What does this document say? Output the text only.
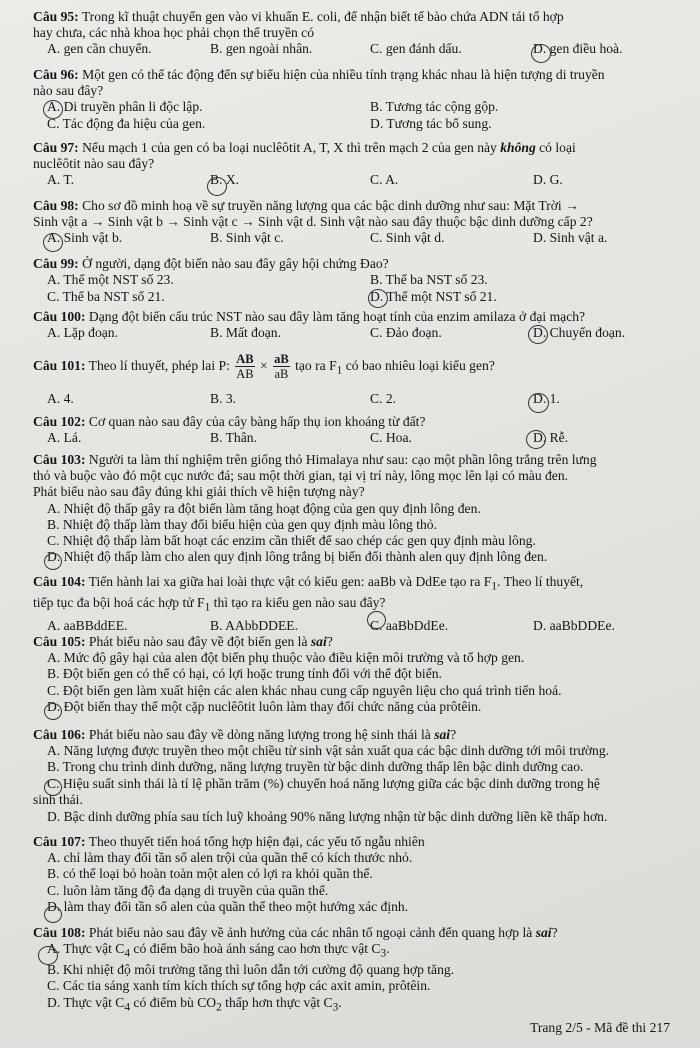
Câu 95: Trong kĩ thuật chuyển gen vào vi khuẩn E. coli, để nhận biết tế bào chứa ADN tái tổ hợp
hay chưa, các nhà khoa học phải chọn thể truyền có
A. gen cần chuyển.	B. gen ngoài nhân.	C. gen đánh dấu.	D. gen điều hoà.
Câu 96: Một gen có thể tác động đến sự biểu hiện của nhiều tính trạng khác nhau là hiện tượng di truyền
nào sau đây?
A. Di truyền phân li độc lập.	B. Tương tác cộng gộp.
C. Tác động đa hiệu của gen.	D. Tương tác bổ sung.
Câu 97: Nếu mạch 1 của gen có ba loại nuclêôtit A, T, X thì trên mạch 2 của gen này không có loại
nuclêôtit nào sau đây?
A. T.	B. X.	C. A.	D. G.
Câu 98: Cho sơ đồ minh hoạ về sự truyền năng lượng qua các bậc dinh dưỡng như sau: Mặt Trời →
Sinh vật a → Sinh vật b → Sinh vật c → Sinh vật d. Sinh vật nào sau đây thuộc bậc dinh dưỡng cấp 2?
A. Sinh vật b.	B. Sinh vật c.	C. Sinh vật d.	D. Sinh vật a.
Câu 99: Ở người, dạng đột biến nào sau đây gây hội chứng Đao?
A. Thể một NST số 23.	B. Thể ba NST số 23.
C. Thể ba NST số 21.	D. Thể một NST số 21.
Câu 100: Dạng đột biến cấu trúc NST nào sau đây làm tăng hoạt tính của enzim amilaza ở đại mạch?
A. Lặp đoạn.	B. Mất đoạn.	C. Đảo đoạn.	D. Chuyển đoạn.
Câu 101: Theo lí thuyết, phép lai P: $\frac{AB}{AB} \times \frac{aB}{aB}$ tạo ra $F_1$ có bao nhiêu loại kiểu gen?
A. 4.	B. 3.	C. 2.	D. 1.
Câu 102: Cơ quan nào sau đây của cây bàng hấp thụ ion khoáng từ đất?
A. Lá.	B. Thân.	C. Hoa.	D. Rễ.
Câu 103: Người ta làm thí nghiệm trên giống thỏ Himalaya như sau: cạo một phần lông trắng trên lưng
thỏ và buộc vào đó một cục nước đá; sau một thời gian, tại vị trí này, lông mọc lên lại có màu đen.
Phát biểu nào sau đây đúng khi giải thích về hiện tượng này?
A. Nhiệt độ thấp gây ra đột biến làm tăng hoạt động của gen quy định lông đen.
B. Nhiệt độ thấp làm thay đổi biểu hiện của gen quy định màu lông thỏ.
C. Nhiệt độ thấp làm bất hoạt các enzim cần thiết để sao chép các gen quy định màu lông.
D. Nhiệt độ thấp làm cho alen quy định lông trắng bị biến đổi thành alen quy định lông đen.
Câu 104: Tiến hành lai xa giữa hai loài thực vật có kiểu gen: aaBb và DdEe tạo ra $F_1$. Theo lí thuyết,
tiếp tục đa bội hoá các hợp tử $F_1$ thì tạo ra kiểu gen nào sau đây?
A. aaBBddEE.	B. AAbbDDEE.	C. aaBbDdEe.	D. aaBbDDEe.
Câu 105: Phát biểu nào sau đây về đột biến gen là sai?
A. Mức độ gây hại của alen đột biến phụ thuộc vào điều kiện môi trường và tổ hợp gen.
B. Đột biến gen có thể có hại, có lợi hoặc trung tính đối với thể đột biến.
C. Đột biến gen làm xuất hiện các alen khác nhau cung cấp nguyên liệu cho quá trình tiến hoá.
D. Đột biến thay thế một cặp nuclêôtit luôn làm thay đổi chức năng của prôtêin.
Câu 106: Phát biểu nào sau đây về dòng năng lượng trong hệ sinh thái là sai?
A. Năng lượng được truyền theo một chiều từ sinh vật sản xuất qua các bậc dinh dưỡng tới môi trường.
B. Trong chu trình dinh dưỡng, năng lượng truyền từ bậc dinh dưỡng thấp lên bậc dinh dưỡng cao.
C. Hiệu suất sinh thái là tỉ lệ phần trăm (%) chuyển hoá năng lượng giữa các bậc dinh dưỡng trong hệ
sinh thái.
D. Bậc dinh dưỡng phía sau tích luỹ khoảng 90% năng lượng nhận từ bậc dinh dưỡng liền kề thấp hơn.
Câu 107: Theo thuyết tiến hoá tổng hợp hiện đại, các yếu tố ngẫu nhiên
A. chỉ làm thay đổi tần số alen trội của quần thể có kích thước nhỏ.
B. có thể loại bỏ hoàn toàn một alen có lợi ra khỏi quần thể.
C. luôn làm tăng độ đa dạng di truyền của quần thể.
D. làm thay đổi tần số alen của quần thể theo một hướng xác định.
Câu 108: Phát biểu nào sau đây về ảnh hưởng của các nhân tố ngoại cảnh đến quang hợp là sai?
A. Thực vật $C_4$ có điểm bão hoà ánh sáng cao hơn thực vật $C_3$.
B. Khi nhiệt độ môi trường tăng thì luôn dẫn tới cường độ quang hợp tăng.
C. Các tia sáng xanh tím kích thích sự tổng hợp các axit amin, prôtêin.
D. Thực vật $C_4$ có điểm bù $CO_2$ thấp hơn thực vật $C_3$.
Trang 2/5 - Mã đề thi 217
